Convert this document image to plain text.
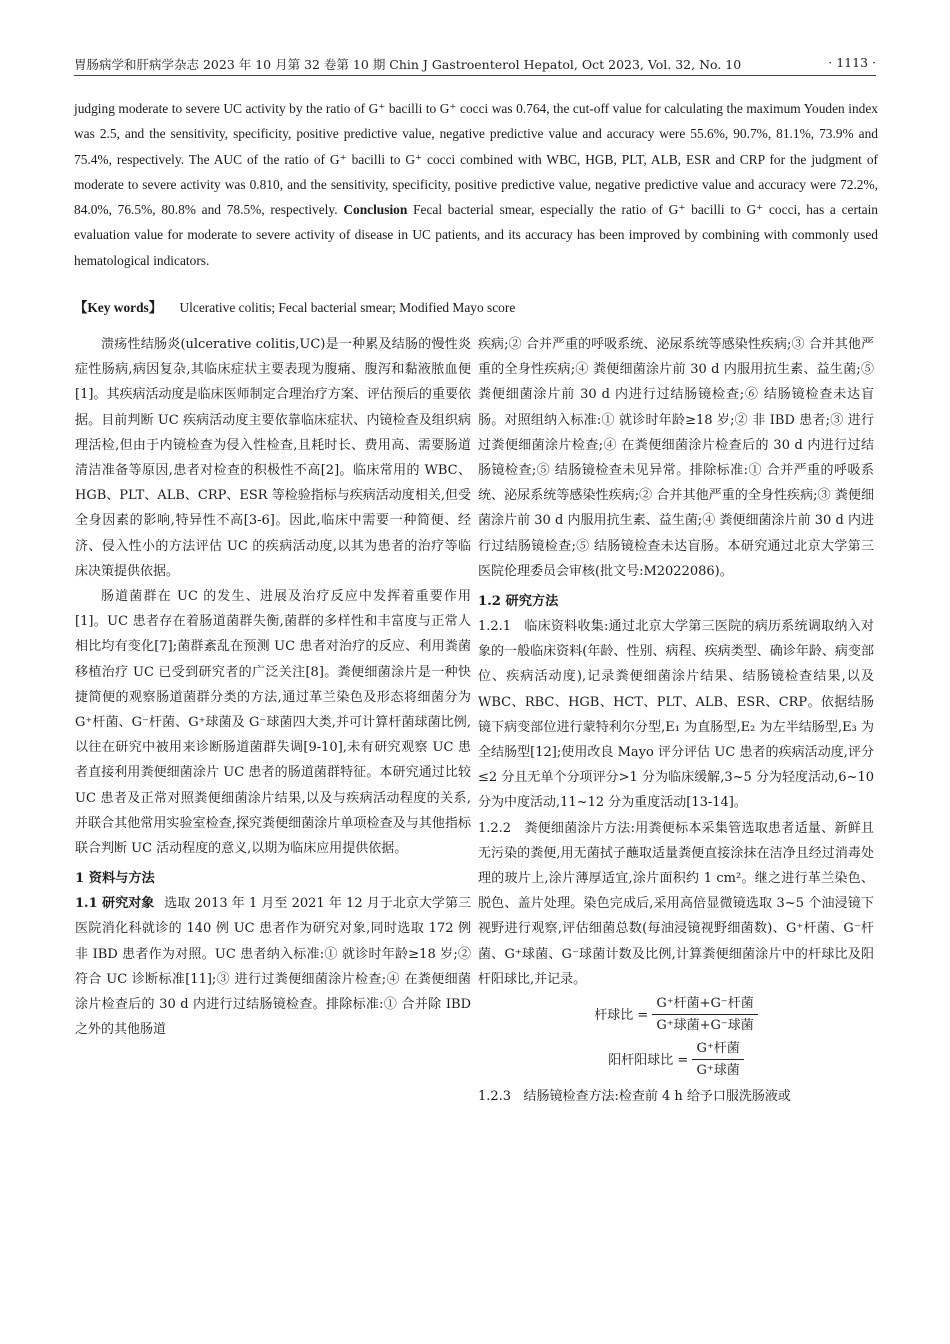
胃肠病学和肝病学杂志 2023 年 10 月第 32 卷第 10 期 Chin J Gastroenterol Hepatol, Oct 2023, Vol. 32, No. 10	· 1113 ·
judging moderate to severe UC activity by the ratio of G⁺ bacilli to G⁺ cocci was 0.764, the cut-off value for calculating the maximum Youden index was 2.5, and the sensitivity, specificity, positive predictive value, negative predictive value and accuracy were 55.6%, 90.7%, 81.1%, 73.9% and 75.4%, respectively. The AUC of the ratio of G⁺ bacilli to G⁺ cocci combined with WBC, HGB, PLT, ALB, ESR and CRP for the judgment of moderate to severe activity was 0.810, and the sensitivity, specificity, positive predictive value, negative predictive value and accuracy were 72.2%, 84.0%, 76.5%, 80.8% and 78.5%, respectively. Conclusion Fecal bacterial smear, especially the ratio of G⁺ bacilli to G⁺ cocci, has a certain evaluation value for moderate to severe activity of disease in UC patients, and its accuracy has been improved by combining with commonly used hematological indicators.
【Key words】 Ulcerative colitis; Fecal bacterial smear; Modified Mayo score

溃疡性结肠炎(ulcerative colitis,UC)是一种累及结肠的慢性炎症性肠病,病因复杂,其临床症状主要表现为腹痛、腹泻和黏液脓血便[1]。其疾病活动度是临床医师制定合理治疗方案、评估预后的重要依据。目前判断 UC 疾病活动度主要依靠临床症状、内镜检查及组织病理活检,但由于内镜检查为侵入性检查,且耗时长、费用高、需要肠道清洁准备等原因,患者对检查的积极性不高[2]。临床常用的 WBC、HGB、PLT、ALB、CRP、ESR 等检验指标与疾病活动度相关,但受全身因素的影响,特异性不高[3-6]。因此,临床中需要一种简便、经济、侵入性小的方法评估 UC 的疾病活动度,以其为患者的治疗等临床决策提供依据。

肠道菌群在 UC 的发生、进展及治疗反应中发挥着重要作用[1]。UC 患者存在着肠道菌群失衡,菌群的多样性和丰富度与正常人相比均有变化[7];菌群紊乱在预测 UC 患者对治疗的反应、利用粪菌移植治疗 UC 已受到研究者的广泛关注[8]。粪便细菌涂片是一种快捷简便的观察肠道菌群分类的方法,通过革兰染色及形态将细菌分为 G⁺杆菌、G⁻杆菌、G⁺球菌及 G⁻球菌四大类,并可计算杆菌球菌比例,以往在研究中被用来诊断肠道菌群失调[9-10],未有研究观察 UC 患者直接利用粪便细菌涂片 UC 患者的肠道菌群特征。本研究通过比较 UC 患者及正常对照粪便细菌涂片结果,以及与疾病活动程度的关系,并联合其他常用实验室检查,探究粪便细菌涂片单项检查及与其他指标联合判断 UC 活动程度的意义,以期为临床应用提供依据。

1 资料与方法

1.1 研究对象 选取 2013 年 1 月至 2021 年 12 月于北京大学第三医院消化科就诊的 140 例 UC 患者作为研究对象,同时选取 172 例非 IBD 患者作为对照。UC 患者纳入标准:① 就诊时年龄≥18 岁;② 符合 UC 诊断标准[11];③ 进行过粪便细菌涂片检查;④ 在粪便细菌涂片检查后的 30 d 内进行过结肠镜检查。排除标准:① 合并除 IBD 之外的其他肠道

疾病;② 合并严重的呼吸系统、泌尿系统等感染性疾病;③ 合并其他严重的全身性疾病;④ 粪便细菌涂片前 30 d 内服用抗生素、益生菌;⑤ 粪便细菌涂片前 30 d 内进行过结肠镜检查;⑥ 结肠镜检查未达盲肠。对照组纳入标准:① 就诊时年龄≥18 岁;② 非 IBD 患者;③ 进行过粪便细菌涂片检查;④ 在粪便细菌涂片检查后的 30 d 内进行过结肠镜检查;⑤ 结肠镜检查未见异常。排除标准:① 合并严重的呼吸系统、泌尿系统等感染性疾病;② 合并其他严重的全身性疾病;③ 粪便细菌涂片前 30 d 内服用抗生素、益生菌;④ 粪便细菌涂片前 30 d 内进行过结肠镜检查;⑤ 结肠镜检查未达盲肠。本研究通过北京大学第三医院伦理委员会审核(批文号:M2022086)。

1.2 研究方法

1.2.1 临床资料收集:通过北京大学第三医院的病历系统调取纳入对象的一般临床资料(年龄、性别、病程、疾病类型、确诊年龄、病变部位、疾病活动度),记录粪便细菌涂片结果、结肠镜检查结果,以及 WBC、RBC、HGB、HCT、PLT、ALB、ESR、CRP。依据结肠镜下病变部位进行蒙特利尔分型,E₁ 为直肠型,E₂ 为左半结肠型,E₃ 为全结肠型[12];使用改良 Mayo 评分评估 UC 患者的疾病活动度,评分≤2 分且无单个分项评分>1 分为临床缓解,3~5 分为轻度活动,6~10 分为中度活动,11~12 分为重度活动[13-14]。

1.2.2 粪便细菌涂片方法:用粪便标本采集管选取患者适量、新鲜且无污染的粪便,用无菌拭子蘸取适量粪便直接涂抹在洁净且经过消毒处理的玻片上,涂片薄厚适宜,涂片面积约 1 cm²。继之进行革兰染色、脱色、盖片处理。染色完成后,采用高倍显微镜选取 3~5 个油浸镜下视野进行观察,评估细菌总数(每油浸镜视野细菌数)、G⁺杆菌、G⁻杆菌、G⁺球菌、G⁻球菌计数及比例,计算粪便细菌涂片中的杆球比及阳杆阳球比,并记录。

杆球比 = $\frac{\text{G⁺杆菌+G⁻杆菌}}{\text{G⁺球菌+G⁻球菌}}$
阳杆阳球比 = $\frac{\text{G⁺杆菌}}{\text{G⁺球菌}}$

1.2.3 结肠镜检查方法:检查前 4 h 给予口服洗肠液或
